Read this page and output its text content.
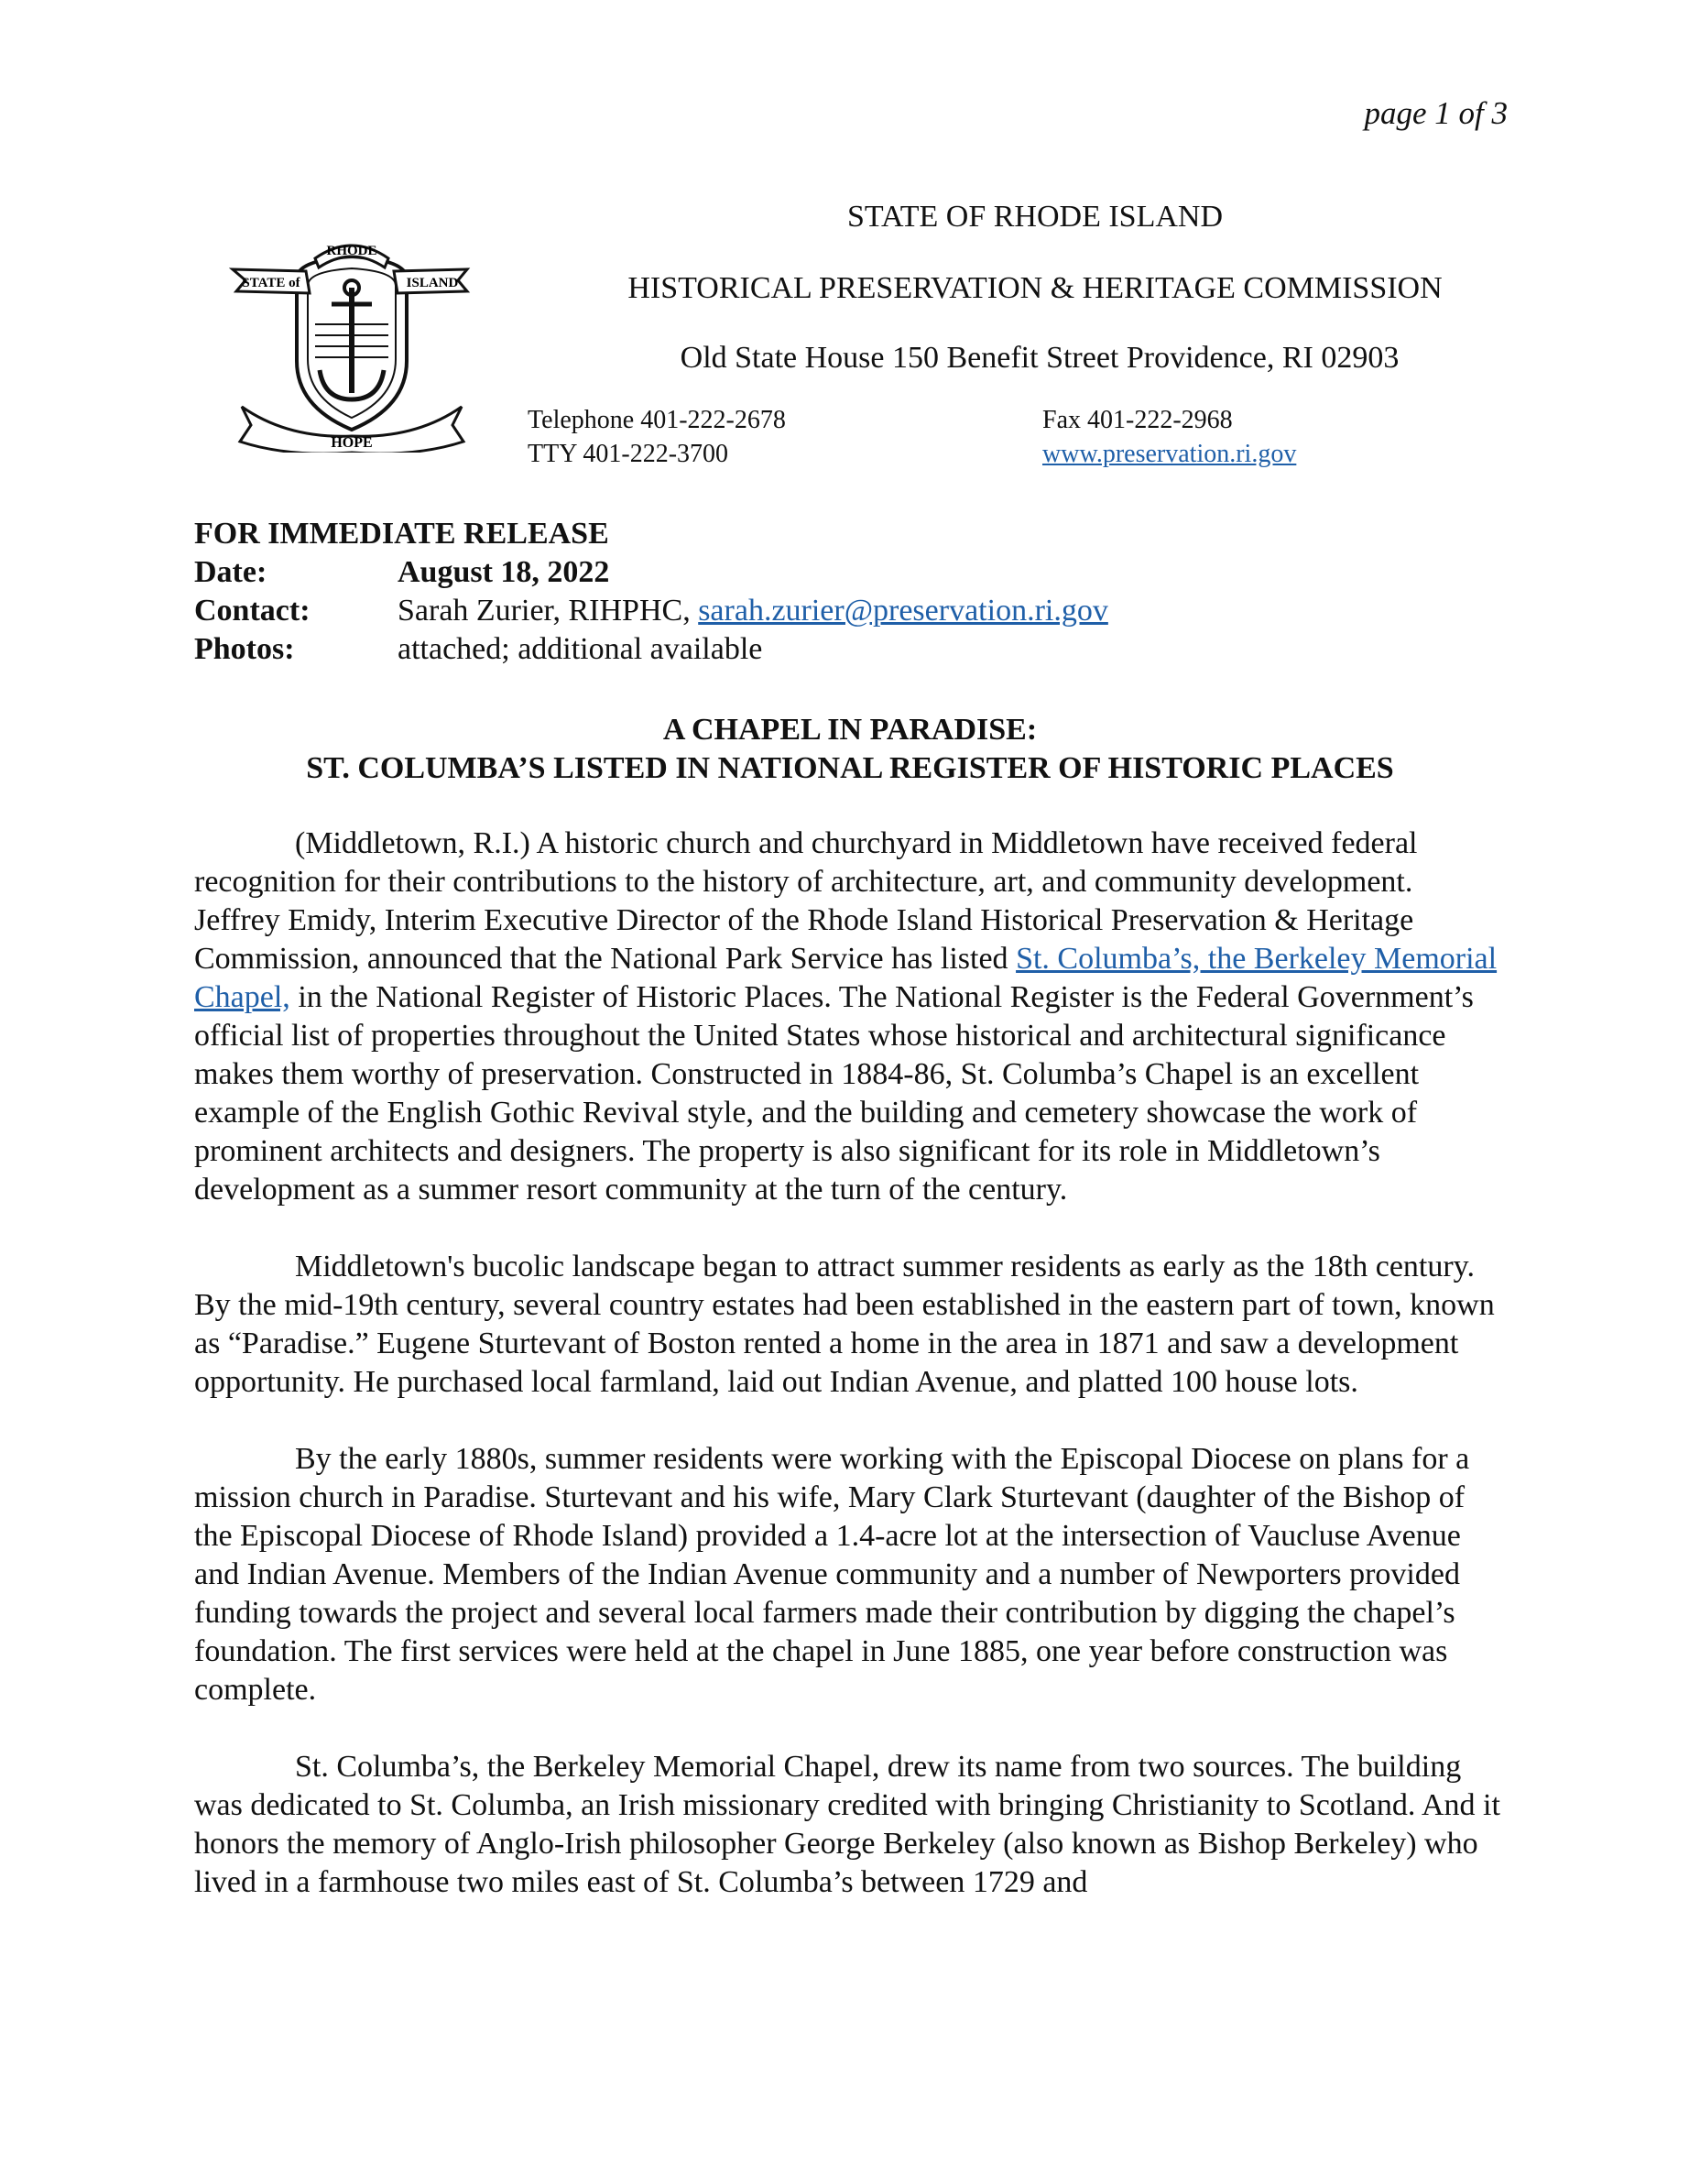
page 1 of 3
RHODE
STATE of	ISLAND
HOPE
STATE OF RHODE ISLAND
HISTORICAL PRESERVATION & HERITAGE COMMISSION
Old State House 150 Benefit Street Providence, RI 02903
Telephone 401-222-2678
TTY 401-222-3700
Fax 401-222-2968
www.preservation.ri.gov
FOR IMMEDIATE RELEASE
Date:	August 18, 2022
Contact:	Sarah Zurier, RIHPHC, sarah.zurier@preservation.ri.gov
Photos:	attached; additional available
A CHAPEL IN PARADISE:
ST. COLUMBA’S LISTED IN NATIONAL REGISTER OF HISTORIC PLACES

(Middletown, R.I.) A historic church and churchyard in Middletown have received federal recognition for their contributions to the history of architecture, art, and community development. Jeffrey Emidy, Interim Executive Director of the Rhode Island Historical Preservation & Heritage Commission, announced that the National Park Service has listed St. Columba’s, the Berkeley Memorial Chapel, in the National Register of Historic Places. The National Register is the Federal Government’s official list of properties throughout the United States whose historical and architectural significance makes them worthy of preservation. Constructed in 1884-86, St. Columba’s Chapel is an excellent example of the English Gothic Revival style, and the building and cemetery showcase the work of prominent architects and designers. The property is also significant for its role in Middletown’s development as a summer resort community at the turn of the century.

Middletown's bucolic landscape began to attract summer residents as early as the 18th century. By the mid-19th century, several country estates had been established in the eastern part of town, known as “Paradise.” Eugene Sturtevant of Boston rented a home in the area in 1871 and saw a development opportunity. He purchased local farmland, laid out Indian Avenue, and platted 100 house lots.

By the early 1880s, summer residents were working with the Episcopal Diocese on plans for a mission church in Paradise. Sturtevant and his wife, Mary Clark Sturtevant (daughter of the Bishop of the Episcopal Diocese of Rhode Island) provided a 1.4-acre lot at the intersection of Vaucluse Avenue and Indian Avenue. Members of the Indian Avenue community and a number of Newporters provided funding towards the project and several local farmers made their contribution by digging the chapel’s foundation. The first services were held at the chapel in June 1885, one year before construction was complete.

St. Columba’s, the Berkeley Memorial Chapel, drew its name from two sources. The building was dedicated to St. Columba, an Irish missionary credited with bringing Christianity to Scotland. And it honors the memory of Anglo-Irish philosopher George Berkeley (also known as Bishop Berkeley) who lived in a farmhouse two miles east of St. Columba’s between 1729 and
